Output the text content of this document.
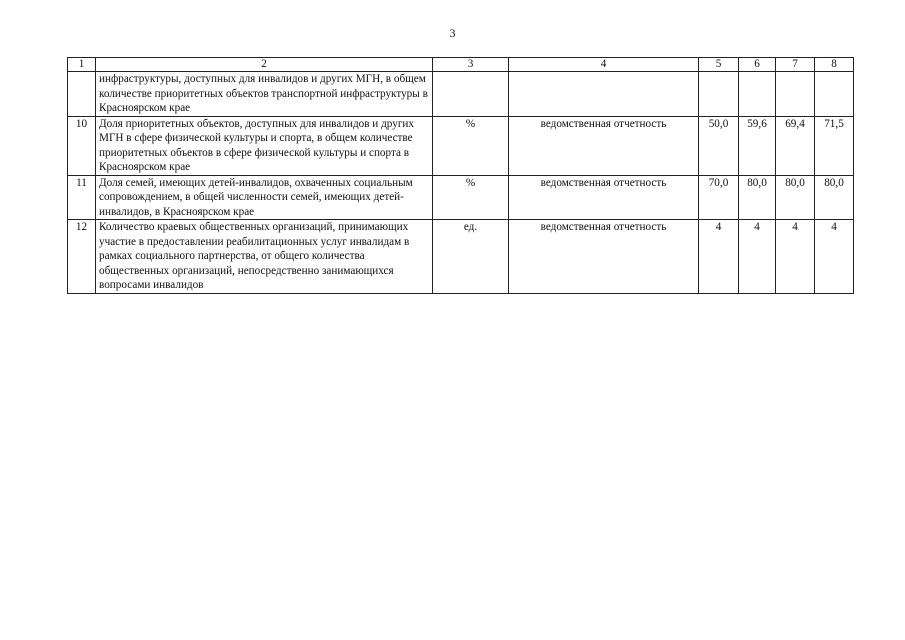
3
1	2	3	4	5	6	7	8
	инфраструктуры, доступных для инвалидов и других МГН, в общем количестве приоритетных объектов транспортной инфраструктуры в Красноярском крае						
10	Доля приоритетных объектов, доступных для инвалидов и других МГН в сфере физической культуры и спорта, в общем количестве приоритетных объектов в сфере физической культуры и спорта в Красноярском крае	%	ведомственная отчетность	50,0	59,6	69,4	71,5
11	Доля семей, имеющих детей-инвалидов, охваченных социальным сопровождением, в общей численности семей, имеющих детей-инвалидов, в Красноярском крае	%	ведомственная отчетность	70,0	80,0	80,0	80,0
12	Количество краевых общественных организаций, принимающих участие в предоставлении реабилитационных услуг инвалидам в рамках социального партнерства, от общего количества общественных организаций, непосредственно занимающихся вопросами инвалидов	ед.	ведомственная отчетность	4	4	4	4
